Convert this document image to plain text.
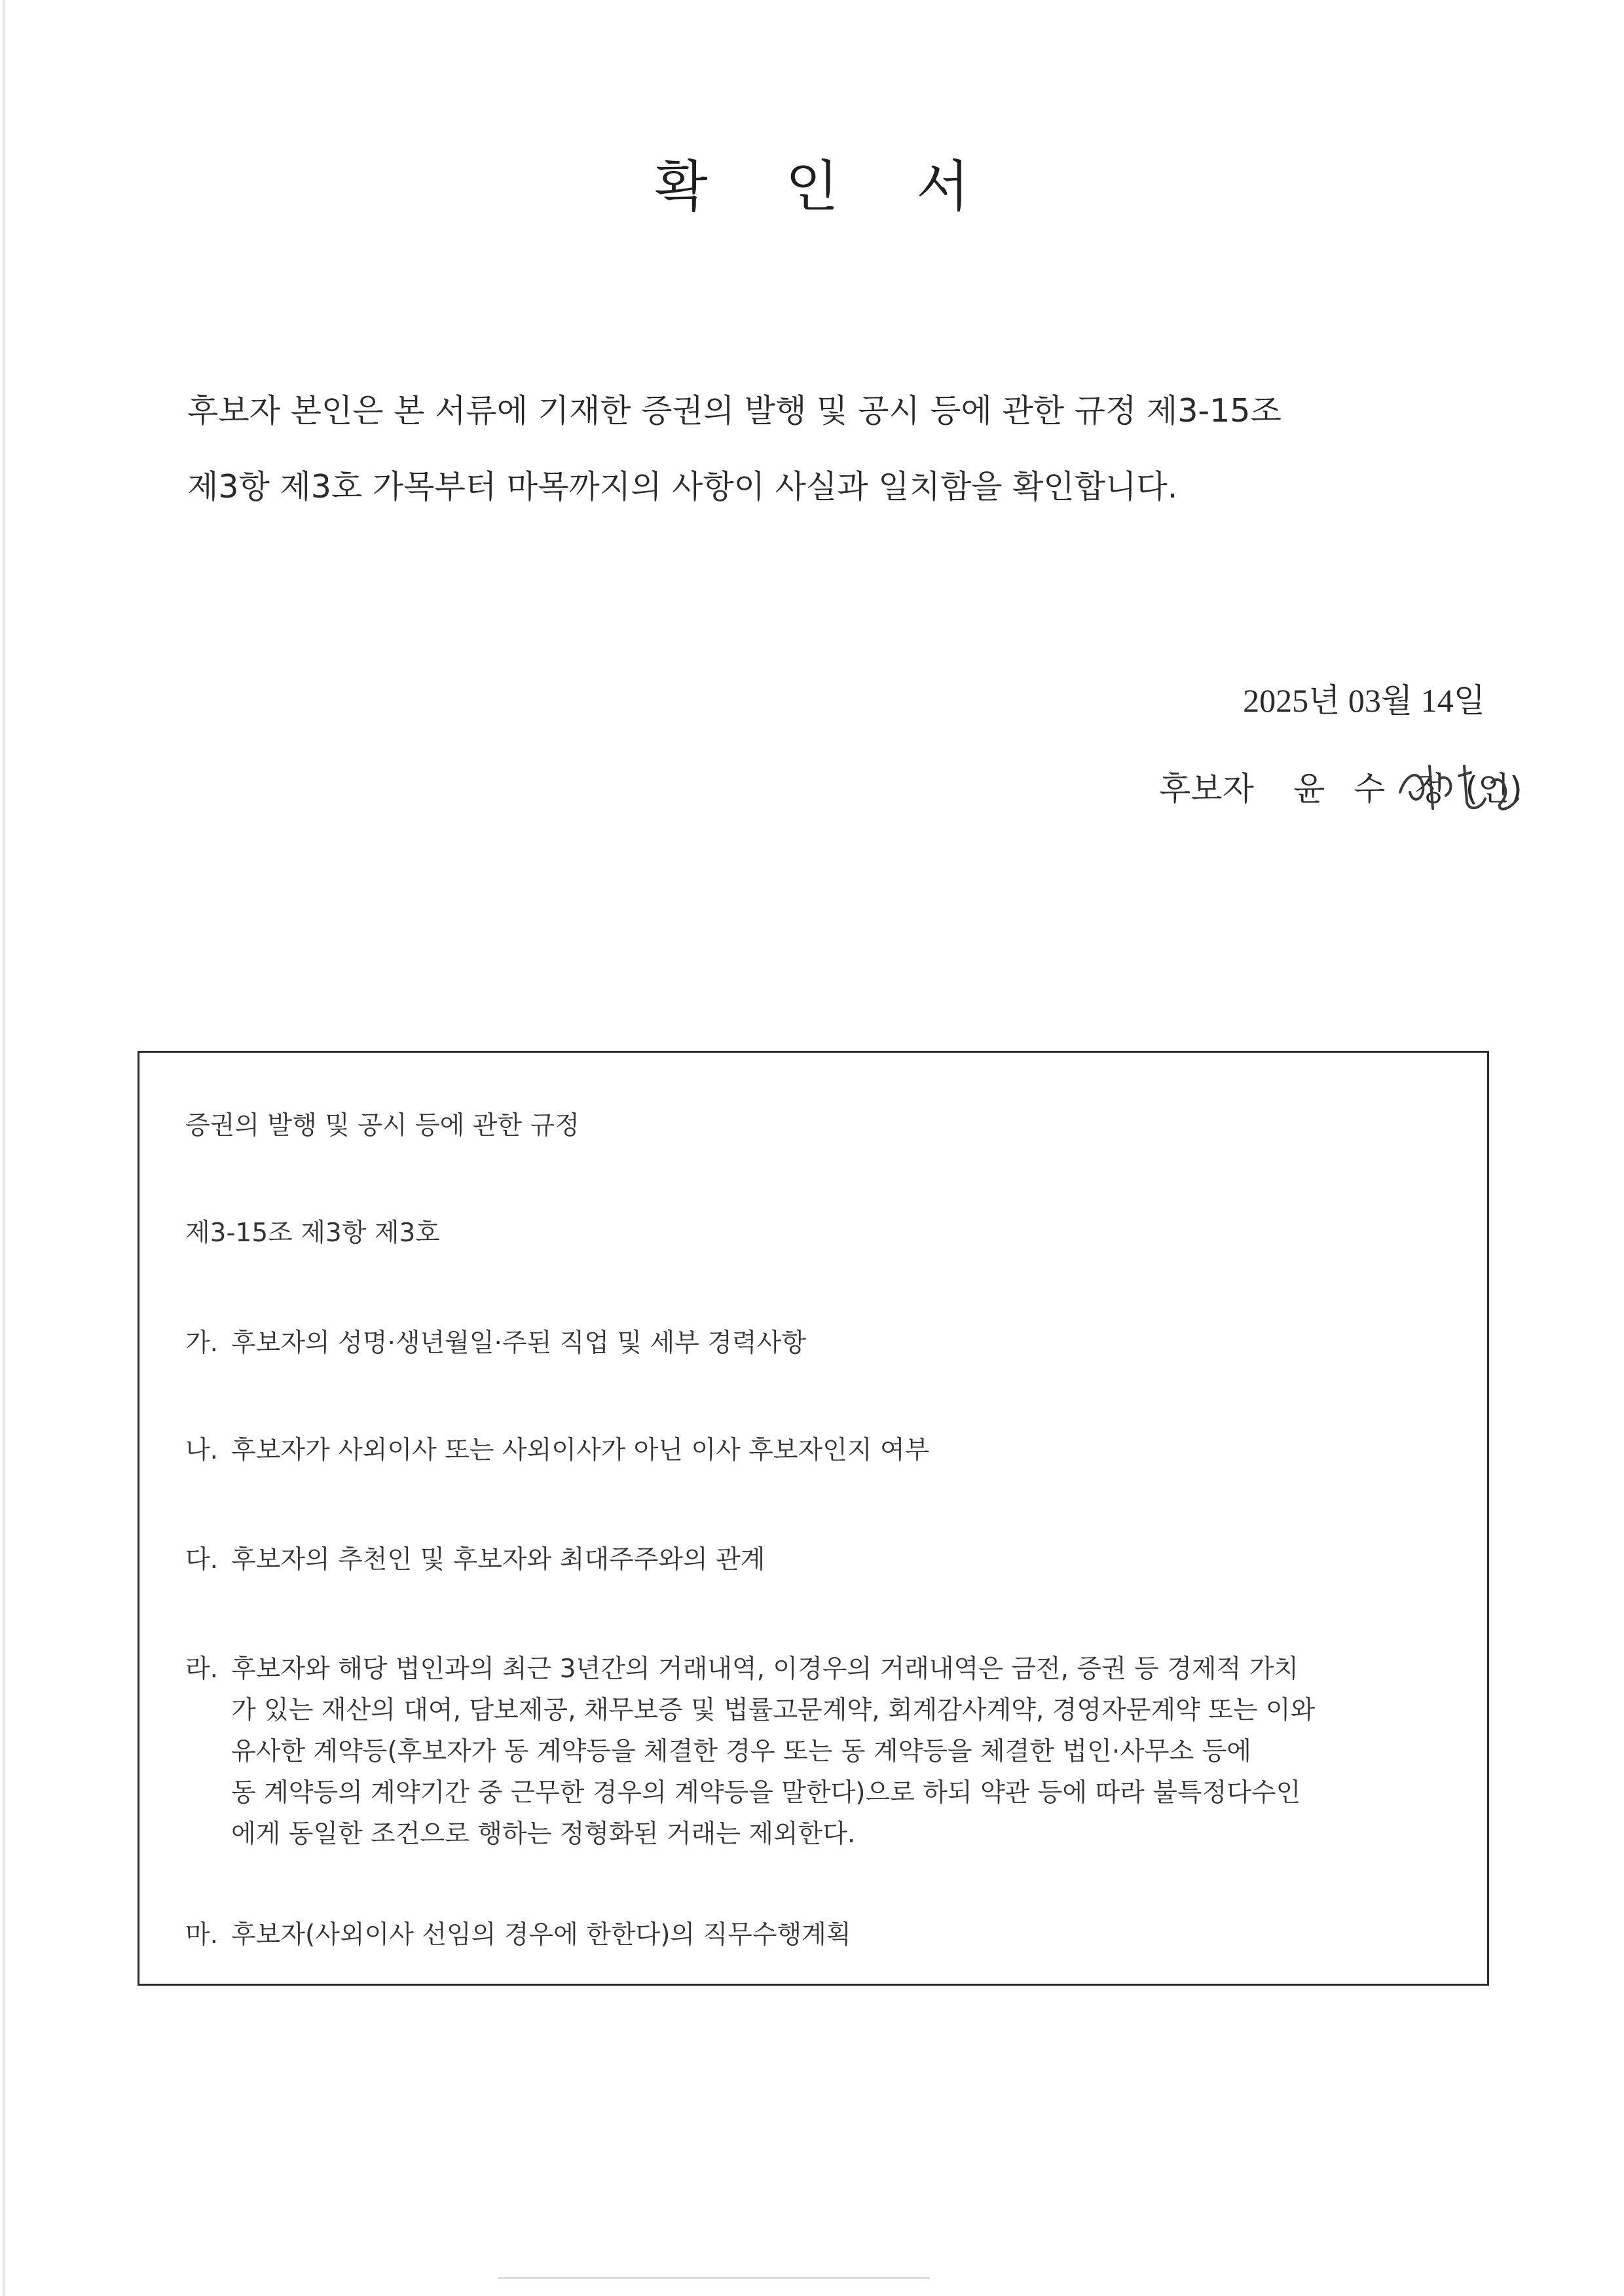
확 인 서

후보자 본인은 본 서류에 기재한 증권의 발행 및 공시 등에 관한 규정 제3-15조

제3항 제3호 가목부터 마목까지의 사항이 사실과 일치함을 확인합니다.

2025년 03월 14일
후보자 윤 수 정 (인)
증권의 발행 및 공시 등에 관한 규정
제3-15조 제3항 제3호
가. 후보자의 성명·생년월일·주된 직업 및 세부 경력사항
나. 후보자가 사외이사 또는 사외이사가 아닌 이사 후보자인지 여부
다. 후보자의 추천인 및 후보자와 최대주주와의 관계
라. 후보자와 해당 법인과의 최근 3년간의 거래내역, 이경우의 거래내역은 금전, 증권 등 경제적 가치
가 있는 재산의 대여, 담보제공, 채무보증 및 법률고문계약, 회계감사계약, 경영자문계약 또는 이와
유사한 계약등(후보자가 동 계약등을 체결한 경우 또는 동 계약등을 체결한 법인·사무소 등에
동 계약등의 계약기간 중 근무한 경우의 계약등을 말한다)으로 하되 약관 등에 따라 불특정다수인
에게 동일한 조건으로 행하는 정형화된 거래는 제외한다.
마. 후보자(사외이사 선임의 경우에 한한다)의 직무수행계획
